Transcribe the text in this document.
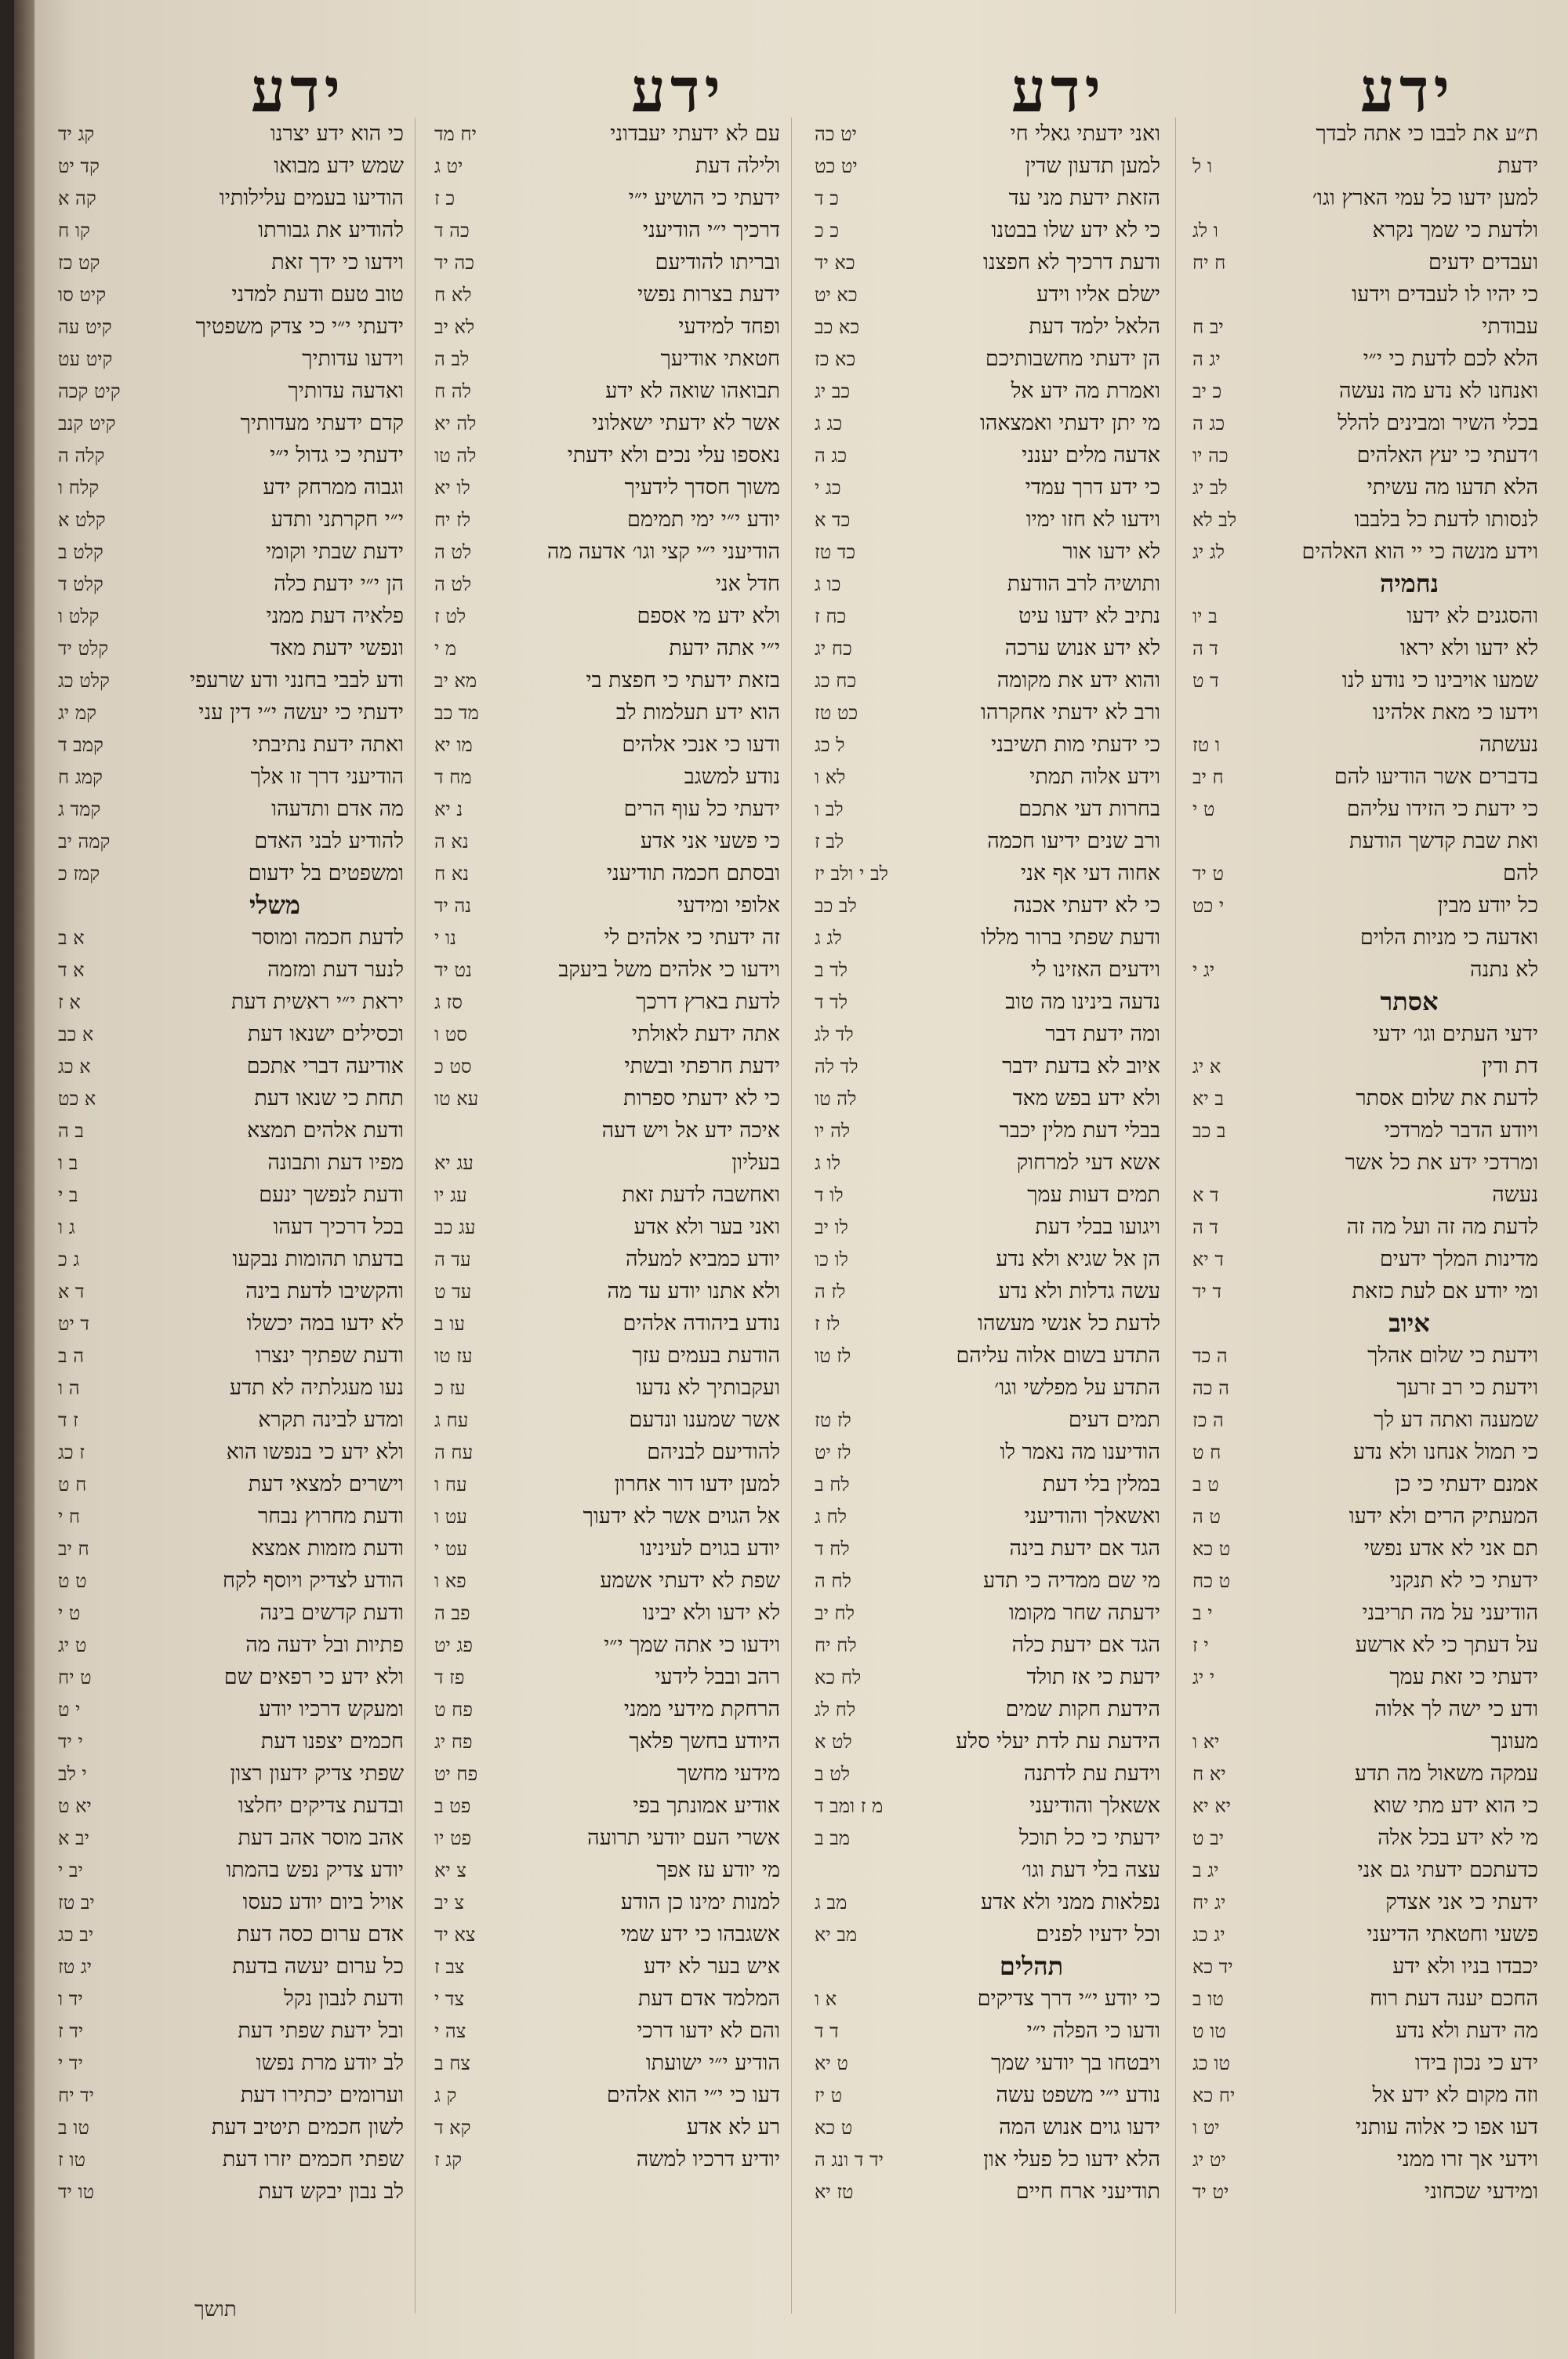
ידע
ידע
ידע
ידע
ת״ע את לבבו כי אתה לבדך
ידעת
ו ל
למען ידעו כל עמי הארץ וגו׳
ולדעת כי שמך נקרא
ו לג
ועבדים ידעים
ח יח
כי יהיו לו לעבדים וידעו
עבודתי
יב ח
הלא לכם לדעת כי י״י
יג ה
ואנחנו לא נדע מה נעשה
כ יב
בכלי השיר ומבינים להלל
כג ה
ו׳דעתי כי יעץ האלהים
כה יו
הלא תדעו מה עשיתי
לב יג
לנסותו לדעת כל בלבבו
לב לא
וידע מנשה כי יי הוא האלהים
לג יג
נחמיה
והסגנים לא ידעו
ב יו
לא ידעו ולא יראו
ד ה
שמעו אויבינו כי נודע לנו
ד ט
וידעו כי מאת אלהינו
נעשתה
ו טז
בדברים אשר הודיעו להם
ח יב
כי ידעת כי הזידו עליהם
ט י
ואת שבת קדשך הודעת
להם
ט יד
כל יודע מבין
י כט
ואדעה כי מניות הלוים
לא נתנה
יג י
אסתר
ידעי העתים וגו׳ ידעי
דת ודין
א יג
לדעת את שלום אסתר
ב יא
ויודע הדבר למרדכי
ב כב
ומרדכי ידע את כל אשר
נעשה
ד א
לדעת מה זה ועל מה זה
ד ה
מדינות המלך ידעים
ד יא
ומי יודע אם לעת כזאת
ד יד
איוב
וידעת כי שלום אהלך
ה כד
וידעת כי רב זרעך
ה כה
שמענה ואתה דע לך
ה כז
כי תמול אנחנו ולא נדע
ח ט
אמנם ידעתי כי כן
ט ב
המעתיק הרים ולא ידעו
ט ה
תם אני לא אדע נפשי
ט כא
ידעתי כי לא תנקני
ט כח
הודיעני על מה תריבני
י ב
על דעתך כי לא ארשע
י ז
ידעתי כי זאת עמך
י יג
ודע כי ישה לך אלוה
מעונך
יא ו
עמקה משאול מה תדע
יא ח
כי הוא ידע מתי שוא
יא יא
מי לא ידע בכל אלה
יב ט
כדעתכם ידעתי גם אני
יג ב
ידעתי כי אני אצדק
יג יח
פשעי וחטאתי הדיעני
יג כג
יכבדו בניו ולא ידע
יד כא
החכם יענה דעת רוח
טו ב
מה ידעת ולא נדע
טו ט
ידע כי נכון בידו
טו כג
וזה מקום לא ידע אל
יח כא
דעו אפו כי אלוה עותני
יט ו
וידעי אך זרו ממני
יט יג
ומידעי שכחוני
יט יד
ואני ידעתי גאלי חי
יט כה
למען תדעון שדין
יט כט
הזאת ידעת מני עד
כ ד
כי לא ידע שלו בבטנו
כ כ
ודעת דרכיך לא חפצנו
כא יד
ישלם אליו וידע
כא יט
הלאל ילמד דעת
כא כב
הן ידעתי מחשבותיכם
כא כז
ואמרת מה ידע אל
כב יג
מי יתן ידעתי ואמצאהו
כג ג
אדעה מלים יענני
כג ה
כי ידע דרך עמדי
כג י
וידעו לא חזו ימיו
כד א
לא ידעו אור
כד טז
ותושיה לרב הודעת
כו ג
נתיב לא ידעו עיט
כח ז
לא ידע אנוש ערכה
כח יג
והוא ידע את מקומה
כח כג
ורב לא ידעתי אחקרהו
כט טז
כי ידעתי מות תשיבני
ל כג
וידע אלוה תמתי
לא ו
בחרות דעי אתכם
לב ו
ורב שנים ידיעו חכמה
לב ז
אחוה דעי אף אני
לב י ולב יז
כי לא ידעתי אכנה
לב כב
ודעת שפתי ברור מללו
לג ג
וידעים האזינו לי
לד ב
נדעה בינינו מה טוב
לד ד
ומה ידעת דבר
לד לג
איוב לא בדעת ידבר
לד לה
ולא ידע בפש מאד
לה טו
בבלי דעת מלין יכבר
לה יו
אשא דעי למרחוק
לו ג
תמים דעות עמך
לו ד
ויגועו בבלי דעת
לו יב
הן אל שגיא ולא נדע
לו כו
עשה גדלות ולא נדע
לז ה
לדעת כל אנשי מעשהו
לז ז
התדע בשום אלוה עליהם
לז טו
התדע על מפלשי וגו׳
תמים דעים
לז טז
הודיענו מה נאמר לו
לז יט
במלין בלי דעת
לח ב
ואשאלך והודיעני
לח ג
הגד אם ידעת בינה
לח ד
מי שם ממדיה כי תדע
לח ה
ידעתה שחר מקומו
לח יב
הגד אם ידעת כלה
לח יח
ידעת כי אז תולד
לח כא
הידעת חקות שמים
לח לג
הידעת עת לדת יעלי סלע
לט א
וידעת עת לדתנה
לט ב
אשאלך והודיעני
מ ז ומב ד
ידעתי כי כל תוכל
מב ב
עצה בלי דעת וגו׳
נפלאות ממני ולא אדע
מב ג
וכל ידעיו לפנים
מב יא
תהלים
כי יודע י״י דרך צדיקים
א ו
ודעו כי הפלה י״י
ד ד
ויבטחו בך יודעי שמך
ט יא
נודע י״י משפט עשה
ט יז
ידעו גוים אנוש המה
ט כא
הלא ידעו כל פעלי און
יד ד ונג ה
תודיעני ארח חיים
טז יא
עם לא ידעתי יעבדוני
יח מד
ולילה דעת
יט ג
ידעתי כי הושיע י״י
כ ז
דרכיך י״י הודיעני
כה ד
ובריתו להודיעם
כה יד
ידעת בצרות נפשי
לא ח
ופחד למידעי
לא יב
חטאתי אודיעך
לב ה
תבואהו שואה לא ידע
לה ח
אשר לא ידעתי ישאלוני
לה יא
נאספו עלי נכים ולא ידעתי
לה טו
משוך חסדך לידעיך
לו יא
יודע י״י ימי תמימם
לז יח
הודיעני י״י קצי וגו׳ אדעה מה
לט ה
חדל אני
לט ה
ולא ידע מי אספם
לט ז
י״י אתה ידעת
מ י
בזאת ידעתי כי חפצת בי
מא יב
הוא ידע תעלמות לב
מד כב
ודעו כי אנכי אלהים
מו יא
נודע למשגב
מח ד
ידעתי כל עוף הרים
נ יא
כי פשעי אני אדע
נא ה
ובסתם חכמה תודיעני
נא ח
אלופי ומידעי
נה יד
זה ידעתי כי אלהים לי
נו י
וידעו כי אלהים משל ביעקב
נט יד
לדעת בארץ דרכך
סז ג
אתה ידעת לאולתי
סט ו
ידעת חרפתי ובשתי
סט כ
כי לא ידעתי ספרות
עא טו
איכה ידע אל ויש דעה
בעליון
עג יא
ואחשבה לדעת זאת
עג יו
ואני בער ולא אדע
עג כב
יודע כמביא למעלה
עד ה
ולא אתנו יודע עד מה
עד ט
נודע ביהודה אלהים
עו ב
הודעת בעמים עזך
עז טו
ועקבותיך לא נדעו
עז כ
אשר שמענו ונדעם
עח ג
להודיעם לבניהם
עח ה
למען ידעו דור אחרון
עח ו
אל הגוים אשר לא ידעוך
עט ו
יודע בגוים לעינינו
עט י
שפת לא ידעתי אשמע
פא ו
לא ידעו ולא יבינו
פב ה
וידעו כי אתה שמך י״י
פג יט
רהב ובבל לידעי
פז ד
הרחקת מידעי ממני
פח ט
היודע בחשך פלאך
פח יג
מידעי מחשך
פח יט
אודיע אמונתך בפי
פט ב
אשרי העם יודעי תרועה
פט יו
מי יודע עז אפך
צ יא
למנות ימינו כן הודע
צ יב
אשגבהו כי ידע שמי
צא יד
איש בער לא ידע
צב ז
המלמד אדם דעת
צד י
והם לא ידעו דרכי
צה י
הודיע י״י ישועתו
צח ב
דעו כי י״י הוא אלהים
ק ג
רע לא אדע
קא ד
יודיע דרכיו למשה
קג ז
כי הוא ידע יצרנו
קג יד
שמש ידע מבואו
קד יט
הודיעו בעמים עלילותיו
קה א
להודיע את גבורתו
קו ח
וידעו כי ידך זאת
קט כז
טוב טעם ודעת למדני
קיט סו
ידעתי י״י כי צדק משפטיך
קיט עה
וידעו עדותיך
קיט עט
ואדעה עדותיך
קיט קכה
קדם ידעתי מעדותיך
קיט קנב
ידעתי כי גדול י״י
קלה ה
וגבוה ממרחק ידע
קלח ו
י״י חקרתני ותדע
קלט א
ידעת שבתי וקומי
קלט ב
הן י״י ידעת כלה
קלט ד
פלאיה דעת ממני
קלט ו
ונפשי ידעת מאד
קלט יד
ודע לבבי בחנני ודע שרעפי
קלט כג
ידעתי כי יעשה י״י דין עני
קמ יג
ואתה ידעת נתיבתי
קמב ד
הודיעני דרך זו אלך
קמג ח
מה אדם ותדעהו
קמד ג
להודיע לבני האדם
קמה יב
ומשפטים בל ידעום
קמז כ
משלי
לדעת חכמה ומוסר
א ב
לנער דעת ומזמה
א ד
יראת י״י ראשית דעת
א ז
וכסילים ישנאו דעת
א כב
אודיעה דברי אתכם
א כג
תחת כי שנאו דעת
א כט
ודעת אלהים תמצא
ב ה
מפיו דעת ותבונה
ב ו
ודעת לנפשך ינעם
ב י
בכל דרכיך דעהו
ג ו
בדעתו תהומות נבקעו
ג כ
והקשיבו לדעת בינה
ד א
לא ידעו במה יכשלו
ד יט
ודעת שפתיך ינצרו
ה ב
נעו מעגלתיה לא תדע
ה ו
ומדע לבינה תקרא
ז ד
ולא ידע כי בנפשו הוא
ז כג
וישרים למצאי דעת
ח ט
ודעת מחרוץ נבחר
ח י
ודעת מזמות אמצא
ח יב
הודע לצדיק ויוסף לקח
ט ט
ודעת קדשים בינה
ט י
פתיות ובל ידעה מה
ט יג
ולא ידע כי רפאים שם
ט יח
ומעקש דרכיו יודע
י ט
חכמים יצפנו דעת
י יד
שפתי צדיק ידעון רצון
י לב
ובדעת צדיקים יחלצו
יא ט
אהב מוסר אהב דעת
יב א
יודע צדיק נפש בהמתו
יב י
אויל ביום יודע כעסו
יב טז
אדם ערום כסה דעת
יב כג
כל ערום יעשה בדעת
יג טז
ודעת לנבון נקל
יד ו
ובל ידעת שפתי דעת
יד ז
לב יודע מרת נפשו
יד י
וערומים יכתירו דעת
יד יח
לשון חכמים תיטיב דעת
טו ב
שפתי חכמים יזרו דעת
טו ז
לב נבון יבקש דעת
טו יד
תושך
